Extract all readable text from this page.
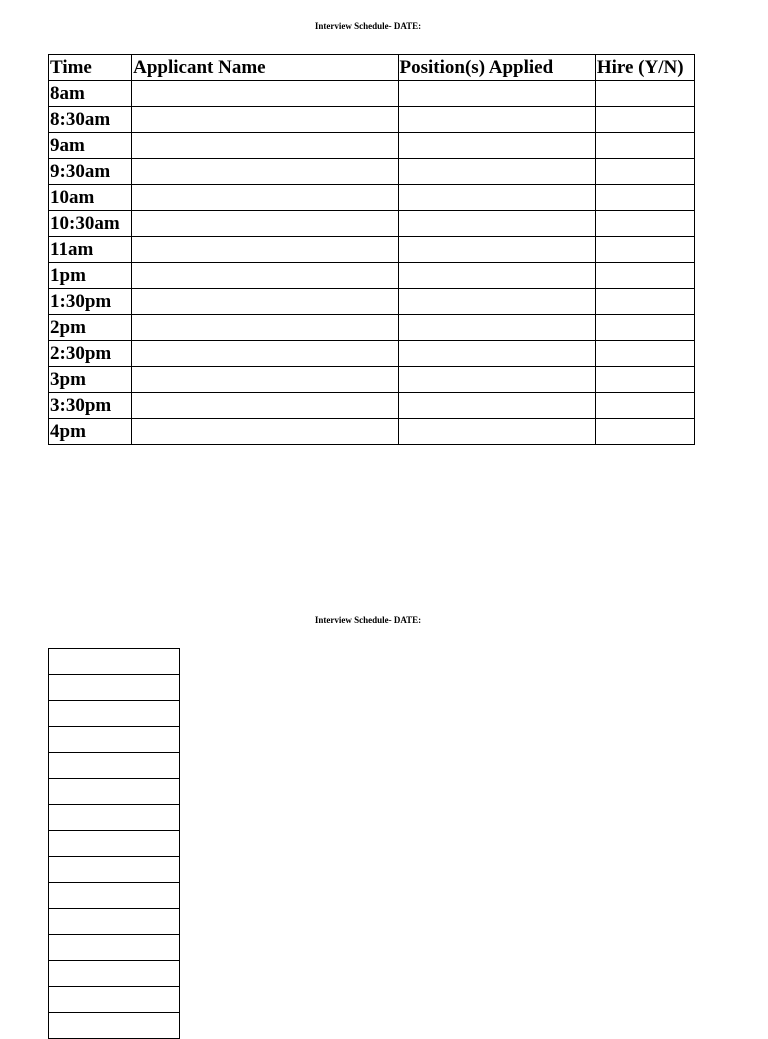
Interview Schedule- DATE:
Time	Applicant Name	Position(s) Applied	Hire (Y/N)
8am			
8:30am			
9am			
9:30am			
10am			
10:30am			
11am			
1pm			
1:30pm			
2pm			
2:30pm			
3pm			
3:30pm			
4pm			
Interview Schedule- DATE:
